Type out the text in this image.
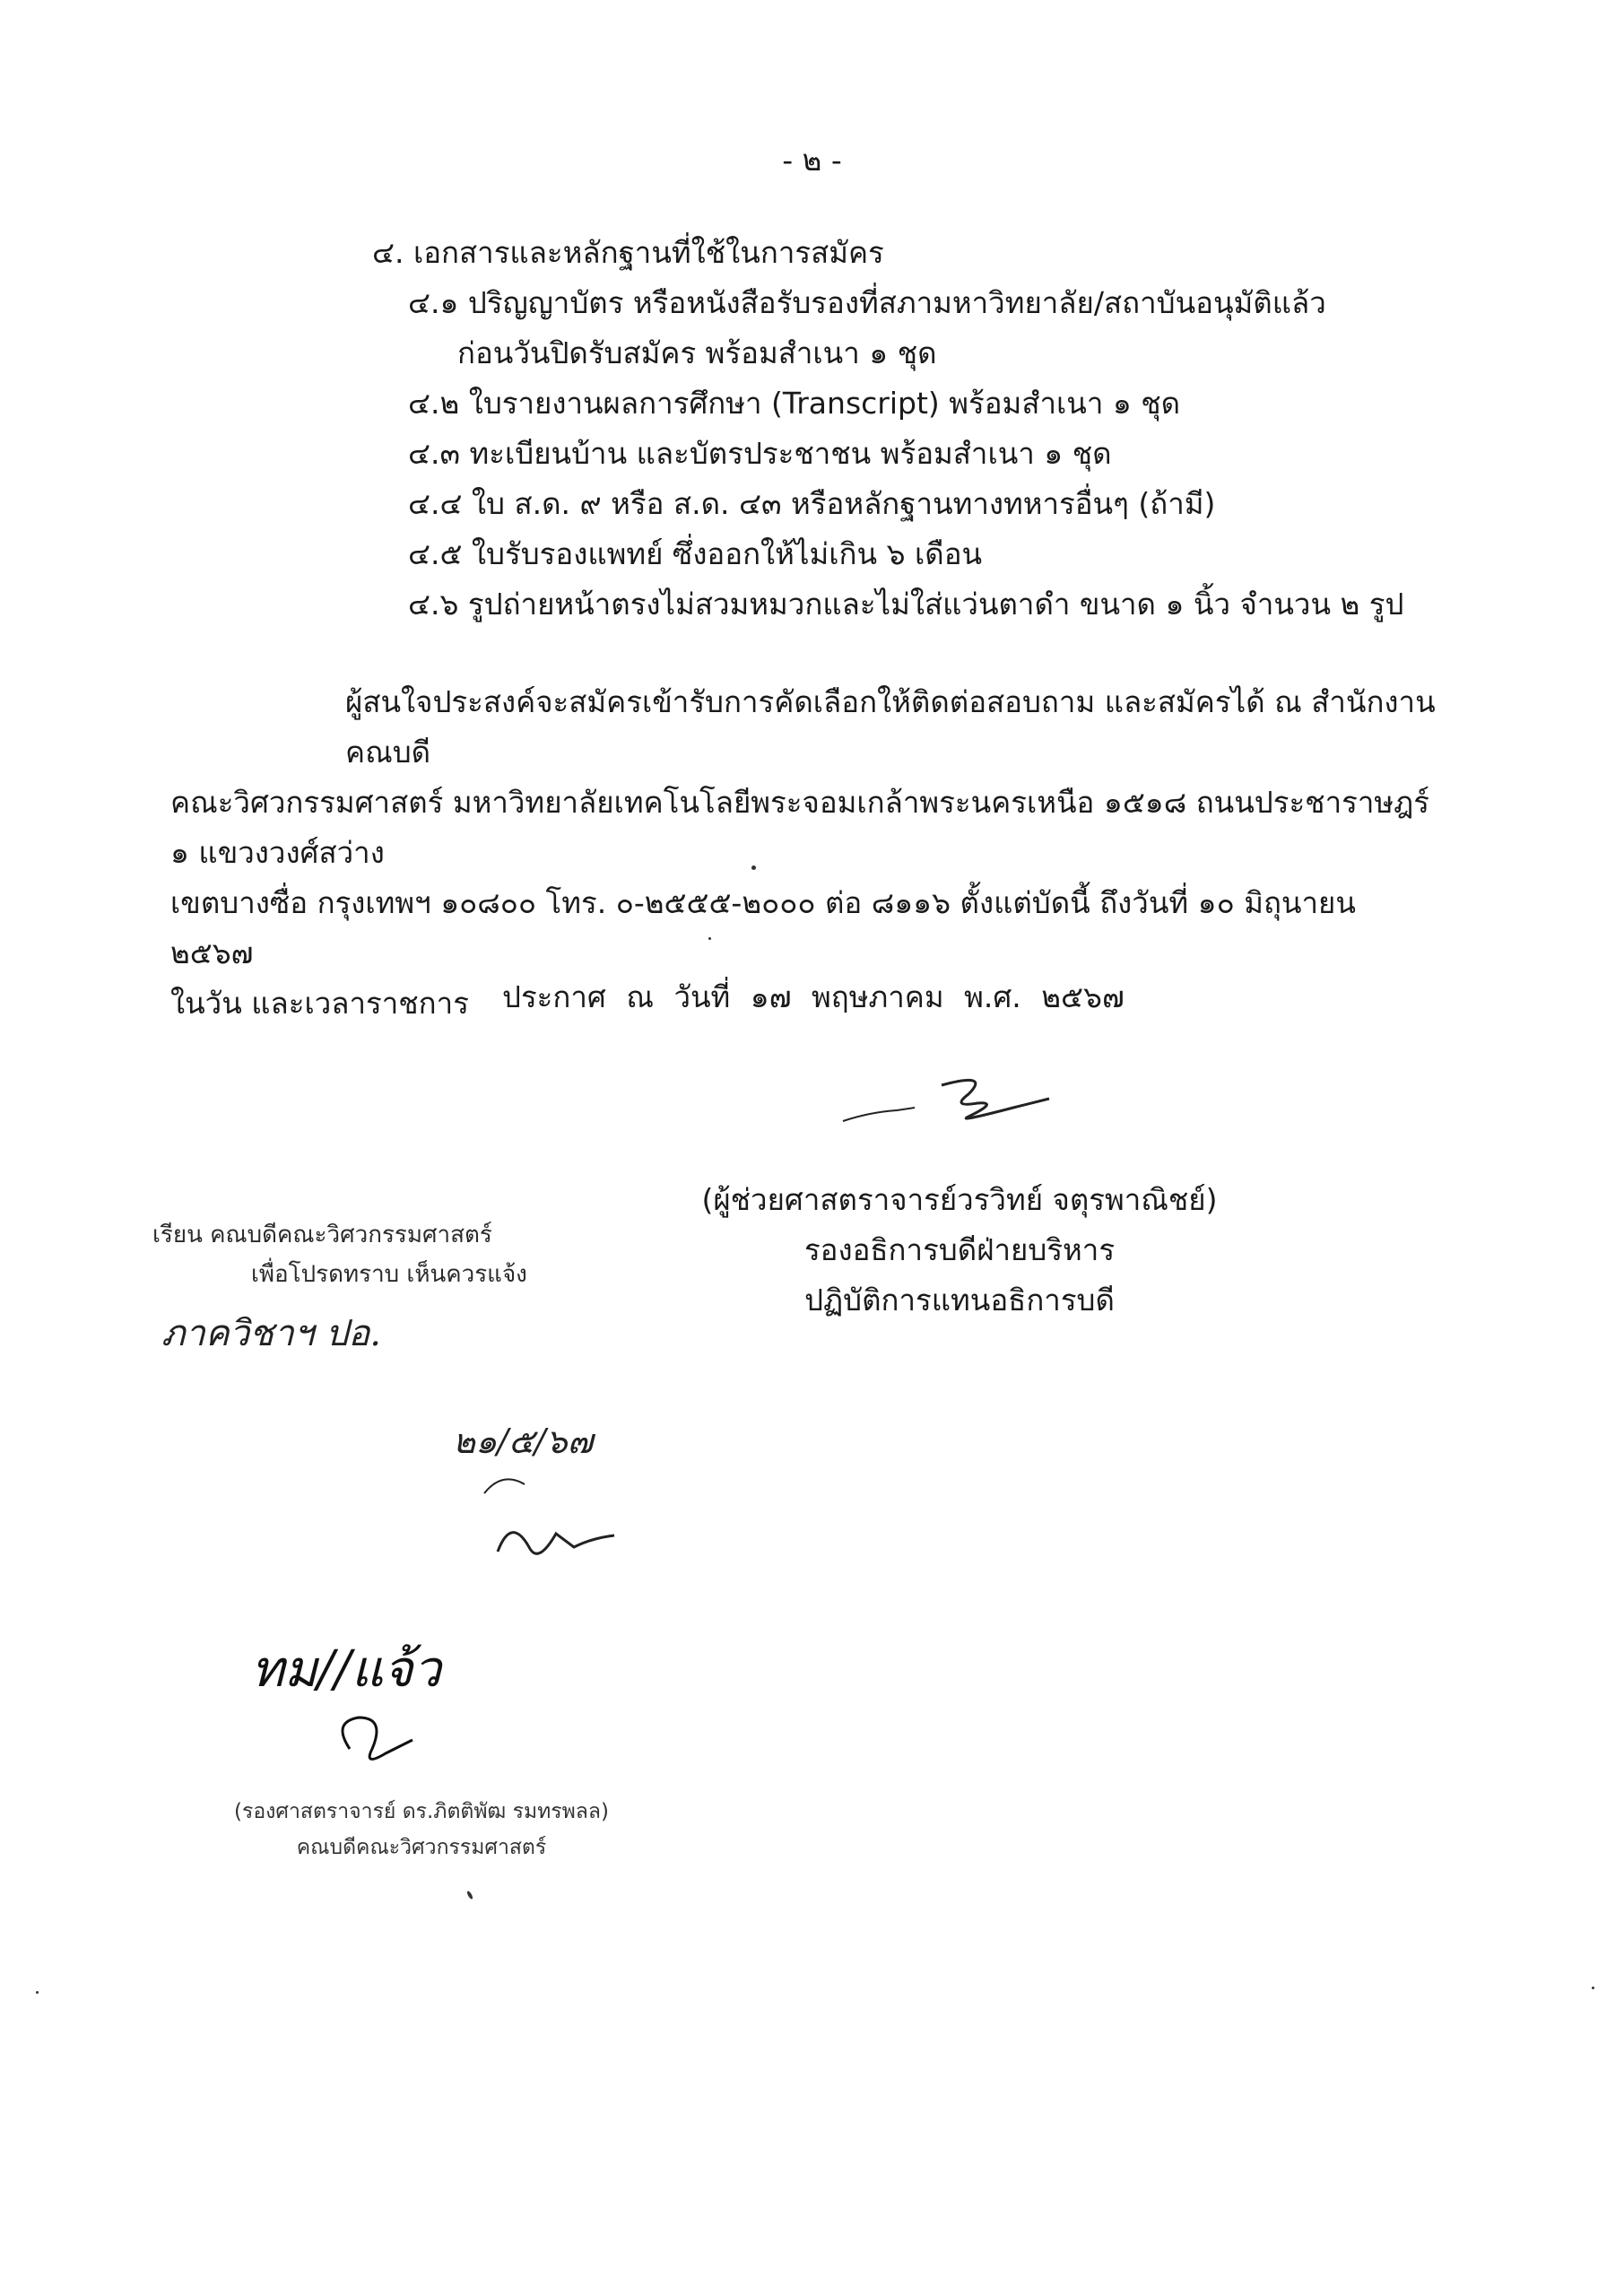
- ๒ -
๔. เอกสารและหลักฐานที่ใช้ในการสมัคร
๔.๑ ปริญญาบัตร หรือหนังสือรับรองที่สภามหาวิทยาลัย/สถาบันอนุมัติแล้ว
ก่อนวันปิดรับสมัคร พร้อมสำเนา ๑ ชุด
๔.๒ ใบรายงานผลการศึกษา (Transcript) พร้อมสำเนา ๑ ชุด
๔.๓ ทะเบียนบ้าน และบัตรประชาชน พร้อมสำเนา ๑ ชุด
๔.๔ ใบ ส.ด. ๙ หรือ ส.ด. ๔๓ หรือหลักฐานทางทหารอื่นๆ (ถ้ามี)
๔.๕ ใบรับรองแพทย์ ซึ่งออกให้ไม่เกิน ๖ เดือน
๔.๖ รูปถ่ายหน้าตรงไม่สวมหมวกและไม่ใส่แว่นตาดำ ขนาด ๑ นิ้ว จำนวน ๒ รูป
ผู้สนใจประสงค์จะสมัครเข้ารับการคัดเลือกให้ติดต่อสอบถาม และสมัครได้ ณ สำนักงานคณบดี
คณะวิศวกรรมศาสตร์ มหาวิทยาลัยเทคโนโลยีพระจอมเกล้าพระนครเหนือ ๑๕๑๘ ถนนประชาราษฎร์ ๑ แขวงวงศ์สว่าง
เขตบางซื่อ กรุงเทพฯ ๑๐๘๐๐ โทร. ๐-๒๕๕๕-๒๐๐๐ ต่อ ๘๑๑๖ ตั้งแต่บัดนี้ ถึงวันที่ ๑๐ มิถุนายน ๒๕๖๗
ในวัน และเวลาราชการ	ประกาศ ณ วันที่ ๑๗ พฤษภาคม พ.ศ. ๒๕๖๗
(ผู้ช่วยศาสตราจารย์วรวิทย์ จตุรพาณิชย์)
รองอธิการบดีฝ่ายบริหาร
ปฏิบัติการแทนอธิการบดี
เรียน คณบดีคณะวิศวกรรมศาสตร์
เพื่อโปรดทราบ เห็นควรแจ้ง
ภาควิชาฯ ปอ.
๒๑/๕/๖๗
ทม//แจ้ว
(รองศาสตราจารย์ ดร.ภิตติพัฒ รมทรพลล)
คณบดีคณะวิศวกรรมศาสตร์
